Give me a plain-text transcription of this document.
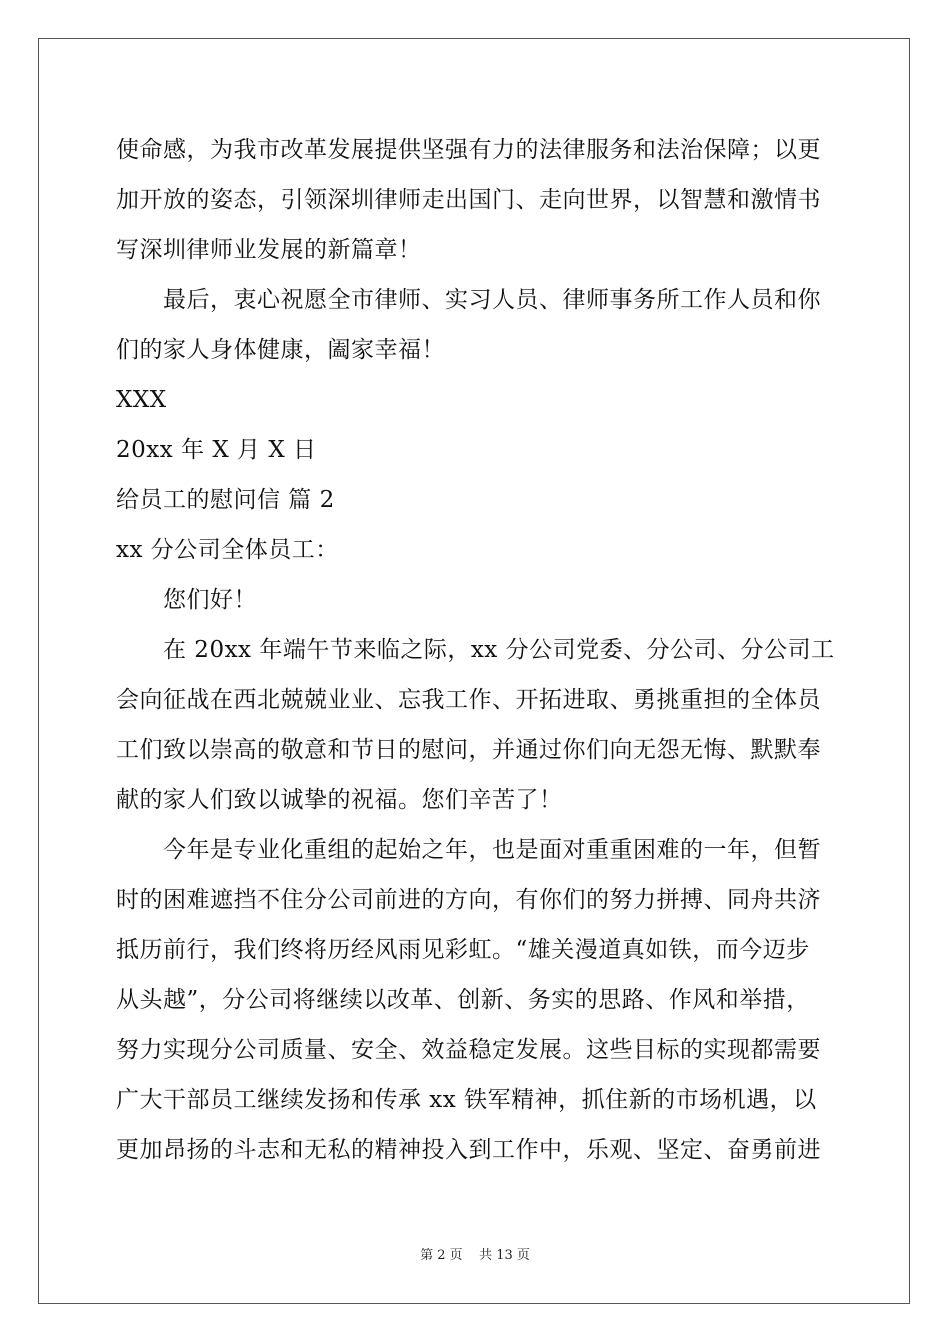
使命感，为我市改革发展提供坚强有力的法律服务和法治保障；以更
加开放的姿态，引领深圳律师走出国门、走向世界，以智慧和激情书
写深圳律师业发展的新篇章！
最后，衷心祝愿全市律师、实习人员、律师事务所工作人员和你
们的家人身体健康，阖家幸福！
XXX
20xx 年 X 月 X 日
给员工的慰问信 篇 2
xx 分公司全体员工：
您们好！
在 20xx 年端午节来临之际，xx 分公司党委、分公司、分公司工
会向征战在西北兢兢业业、忘我工作、开拓进取、勇挑重担的全体员
工们致以崇高的敬意和节日的慰问，并通过你们向无怨无悔、默默奉
献的家人们致以诚挚的祝福。您们辛苦了！
今年是专业化重组的起始之年，也是面对重重困难的一年，但暂
时的困难遮挡不住分公司前进的方向，有你们的努力拼搏、同舟共济
抵历前行，我们终将历经风雨见彩虹。“雄关漫道真如铁，而今迈步
从头越”，分公司将继续以改革、创新、务实的思路、作风和举措，
努力实现分公司质量、安全、效益稳定发展。这些目标的实现都需要
广大干部员工继续发扬和传承 xx 铁军精神，抓住新的市场机遇，以
更加昂扬的斗志和无私的精神投入到工作中，乐观、坚定、奋勇前进
第 2 页    共 13 页
